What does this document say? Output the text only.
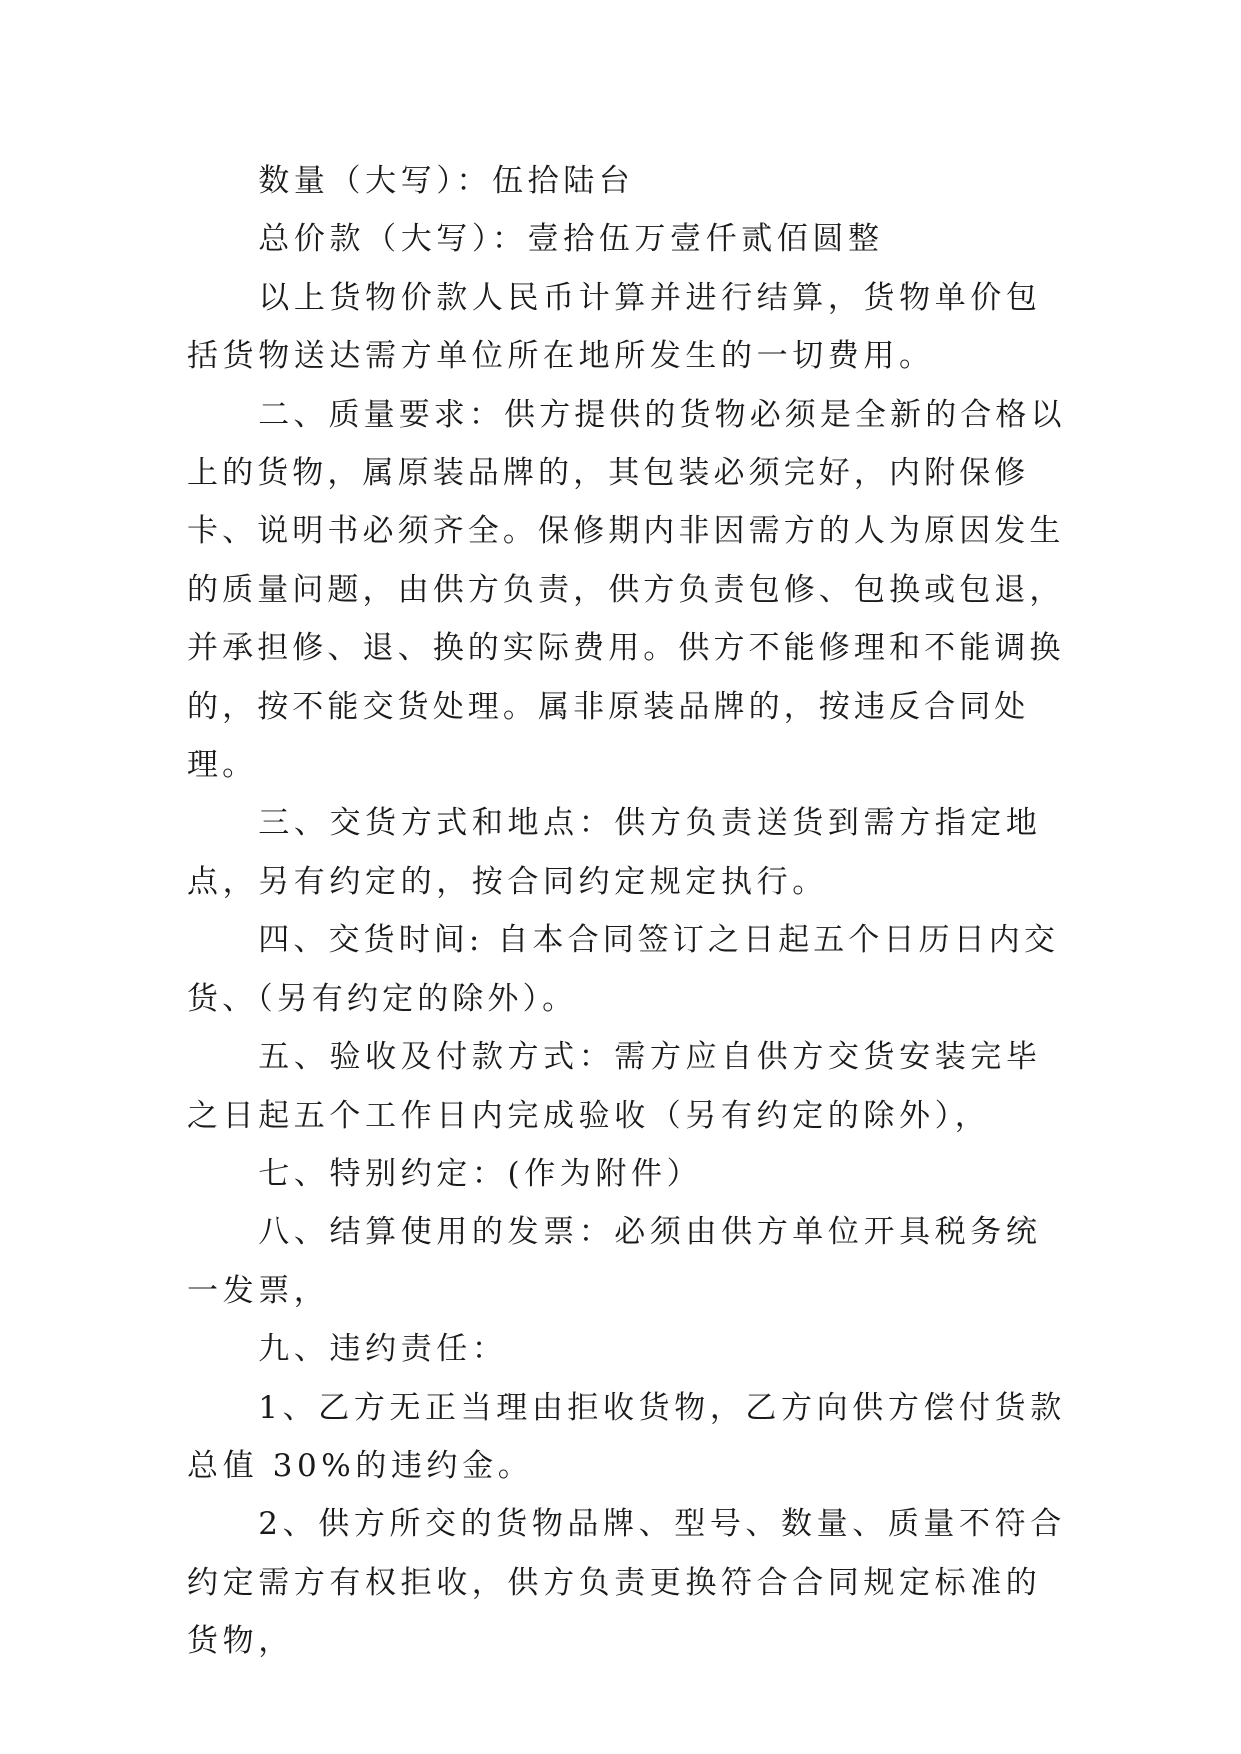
数量（大写）：伍拾陆台

总价款（大写）：壹拾伍万壹仟贰佰圆整

以上货物价款人民币计算并进行结算，货物单价包括货物送达需方单位所在地所发生的一切费用。

二、质量要求：供方提供的货物必须是全新的合格以上的货物，属原装品牌的，其包装必须完好，内附保修卡、说明书必须齐全。保修期内非因需方的人为原因发生的质量问题，由供方负责，供方负责包修、包换或包退，并承担修、退、换的实际费用。供方不能修理和不能调换的，按不能交货处理。属非原装品牌的，按违反合同处理。

三、交货方式和地点：供方负责送货到需方指定地点，另有约定的，按合同约定规定执行。

四、交货时间: 自本合同签订之日起五个日历日内交货、（另有约定的除外）。

五、验收及付款方式：需方应自供方交货安装完毕之日起五个工作日内完成验收（另有约定的除外），

七、特别约定：(作为附件）

八、结算使用的发票：必须由供方单位开具税务统一发票，

九、违约责任：

1、乙方无正当理由拒收货物，乙方向供方偿付货款总值 30%的违约金。

2、供方所交的货物品牌、型号、数量、质量不符合约定需方有权拒收，供方负责更换符合合同规定标准的货物，
